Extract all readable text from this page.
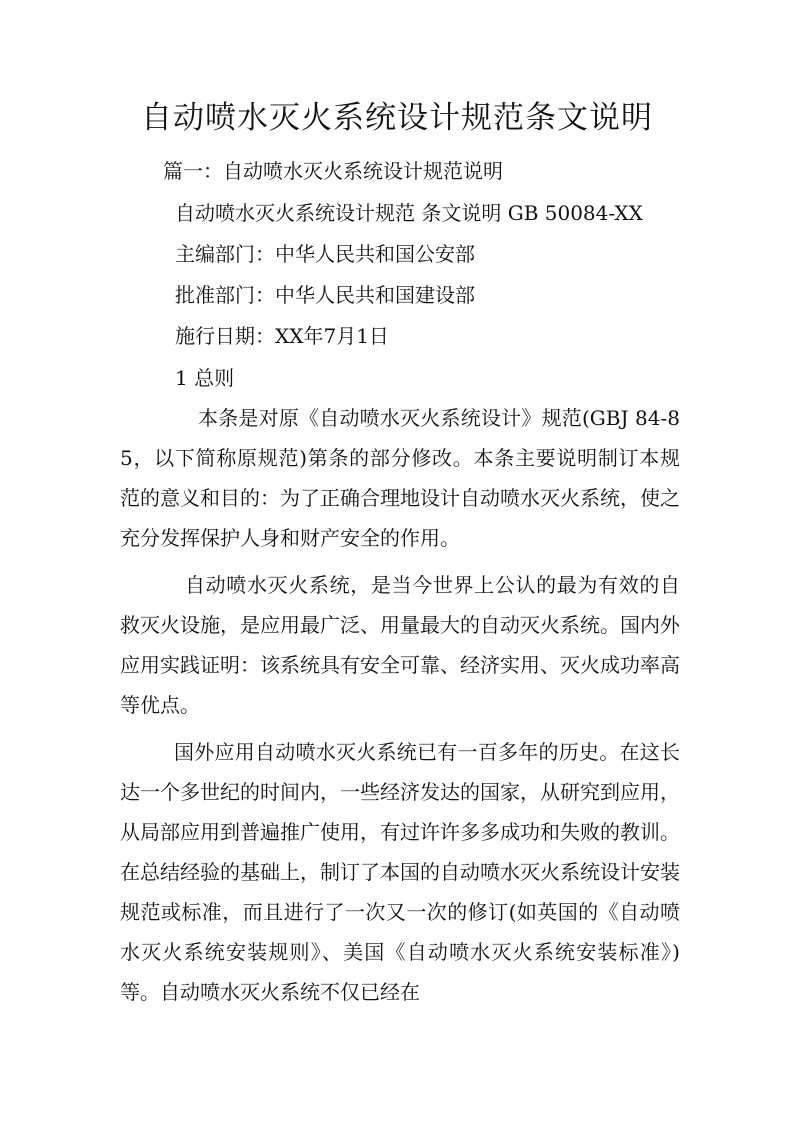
自动喷水灭火系统设计规范条文说明

篇一：自动喷水灭火系统设计规范说明

自动喷水灭火系统设计规范 条文说明 GB 50084-XX

主编部门：中华人民共和国公安部

批准部门：中华人民共和国建设部

施行日期：XX年7月1日

1 总则

本条是对原《自动喷水灭火系统设计》规范(GBJ 84-85，以下简称原规范)第条的部分修改。本条主要说明制订本规范的意义和目的：为了正确合理地设计自动喷水灭火系统，使之充分发挥保护人身和财产安全的作用。

自动喷水灭火系统，是当今世界上公认的最为有效的自救灭火设施，是应用最广泛、用量最大的自动灭火系统。国内外应用实践证明：该系统具有安全可靠、经济实用、灭火成功率高等优点。

国外应用自动喷水灭火系统已有一百多年的历史。在这长达一个多世纪的时间内，一些经济发达的国家，从研究到应用，从局部应用到普遍推广使用，有过许许多多成功和失败的教训。在总结经验的基础上，制订了本国的自动喷水灭火系统设计安装规范或标准，而且进行了一次又一次的修订(如英国的《自动喷水灭火系统安装规则》、美国《自动喷水灭火系统安装标准》)等。自动喷水灭火系统不仅已经在
